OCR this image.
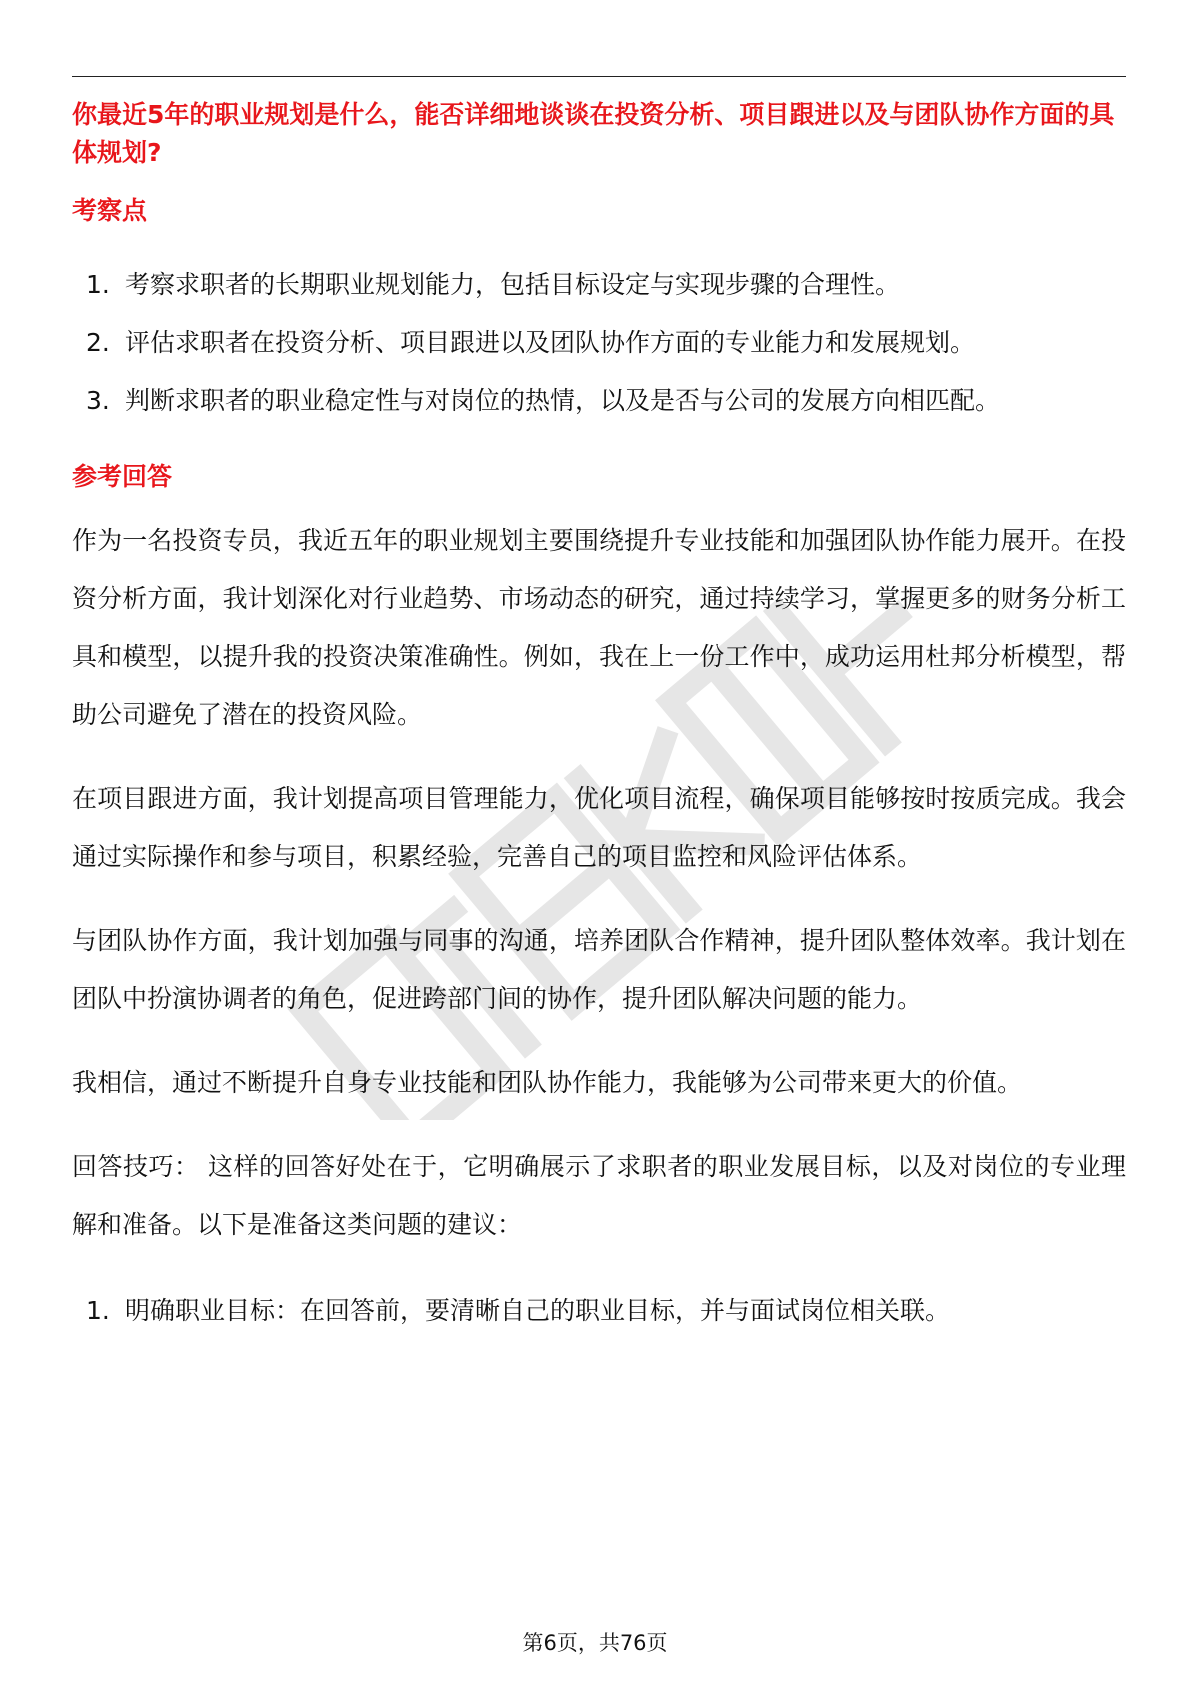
你最近5年的职业规划是什么，能否详细地谈谈在投资分析、项目跟进以及与团队协作方面的具体规划?
考察点
1. 考察求职者的长期职业规划能力，包括目标设定与实现步骤的合理性。
2. 评估求职者在投资分析、项目跟进以及团队协作方面的专业能力和发展规划。
3. 判断求职者的职业稳定性与对岗位的热情，以及是否与公司的发展方向相匹配。
参考回答

作为一名投资专员，我近五年的职业规划主要围绕提升专业技能和加强团队协作能力展开。在投资分析方面，我计划深化对行业趋势、市场动态的研究，通过持续学习，掌握更多的财务分析工具和模型，以提升我的投资决策准确性。例如，我在上一份工作中，成功运用杜邦分析模型，帮助公司避免了潜在的投资风险。

在项目跟进方面，我计划提高项目管理能力，优化项目流程，确保项目能够按时按质完成。我会通过实际操作和参与项目，积累经验，完善自己的项目监控和风险评估体系。

与团队协作方面，我计划加强与同事的沟通，培养团队合作精神，提升团队整体效率。我计划在团队中扮演协调者的角色，促进跨部门间的协作，提升团队解决问题的能力。

我相信，通过不断提升自身专业技能和团队协作能力，我能够为公司带来更大的价值。

回答技巧： 这样的回答好处在于，它明确展示了求职者的职业发展目标，以及对岗位的专业理解和准备。以下是准备这类问题的建议：

1. 明确职业目标：在回答前，要清晰自己的职业目标，并与面试岗位相关联。
第6页，共76页
